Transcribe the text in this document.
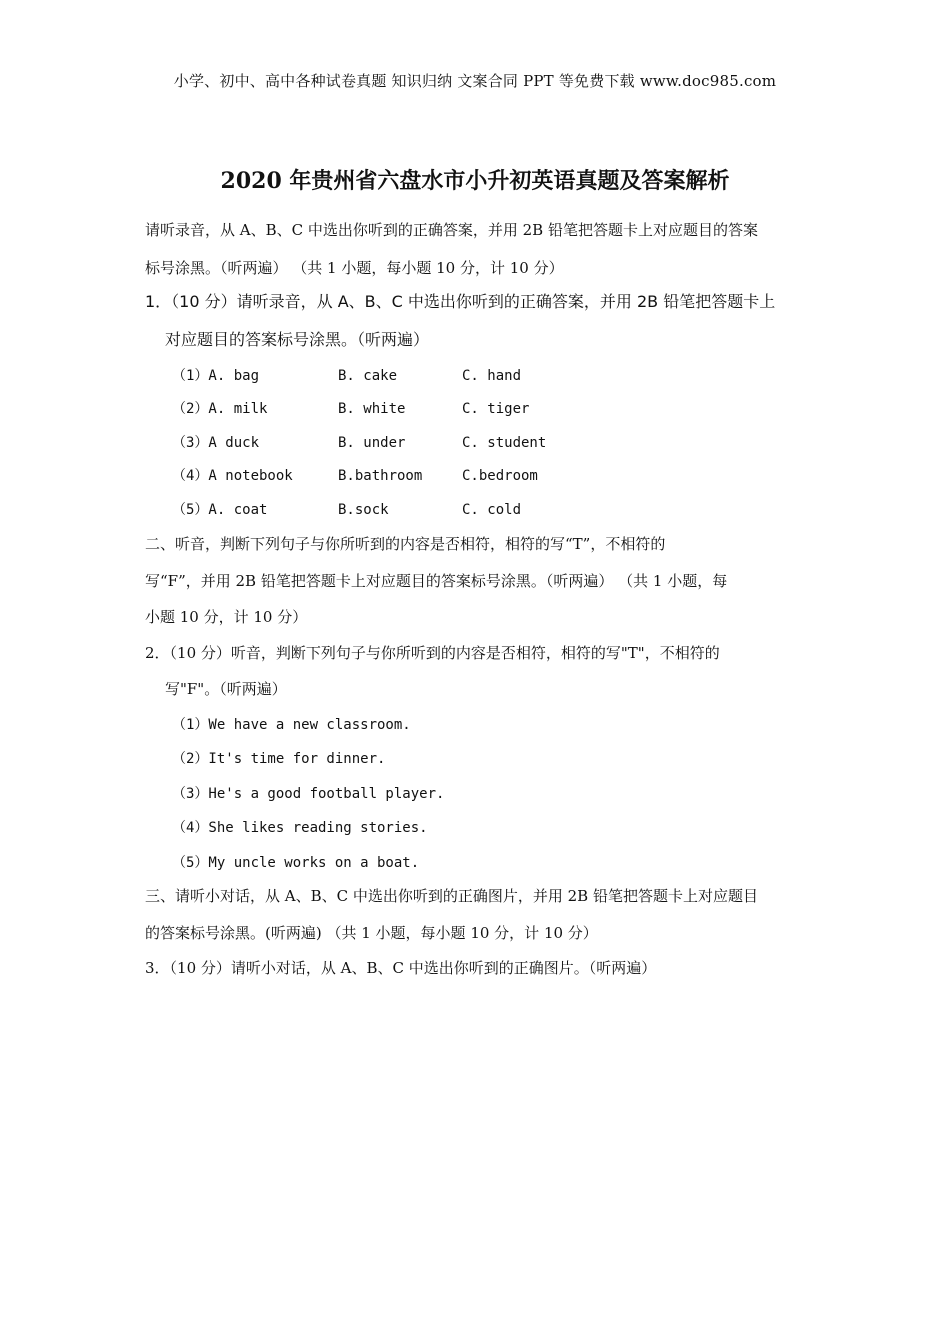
小学、初中、高中各种试卷真题 知识归纳 文案合同 PPT 等免费下载 www.doc985.com
2020 年贵州省六盘水市小升初英语真题及答案解析
请听录音，从 A、B、C 中选出你听到的正确答案，并用 2B 铅笔把答题卡上对应题目的答案
标号涂黑。（听两遍） （共 1 小题，每小题 10 分，计 10 分）
1．（10 分）请听录音，从 A、B、C 中选出你听到的正确答案，并用 2B 铅笔把答题卡上
对应题目的答案标号涂黑。（听两遍）
（1）A. bag	B. cake	C. hand
（2）A. milk	B. white	C. tiger
（3）A duck	B. under	C. student
（4）A notebook	B.bathroom	C.bedroom
（5）A. coat	B.sock	C. cold
二、听音，判断下列句子与你所听到的内容是否相符，相符的写“T”，不相符的
写“F”，并用 2B 铅笔把答题卡上对应题目的答案标号涂黑。（听两遍） （共 1 小题，每
小题 10 分，计 10 分）
2．（10 分）听音，判断下列句子与你所听到的内容是否相符，相符的写"T"，不相符的
写"F"。（听两遍）
（1）We have a new classroom.
（2）It's time for dinner.
（3）He's a good football player.
（4）She likes reading stories.
（5）My uncle works on a boat.
三、请听小对话，从 A、B、C 中选出你听到的正确图片，并用 2B 铅笔把答题卡上对应题目
的答案标号涂黑。(听两遍) （共 1 小题，每小题 10 分，计 10 分）
3．（10 分）请听小对话，从 A、B、C 中选出你听到的正确图片。（听两遍）
